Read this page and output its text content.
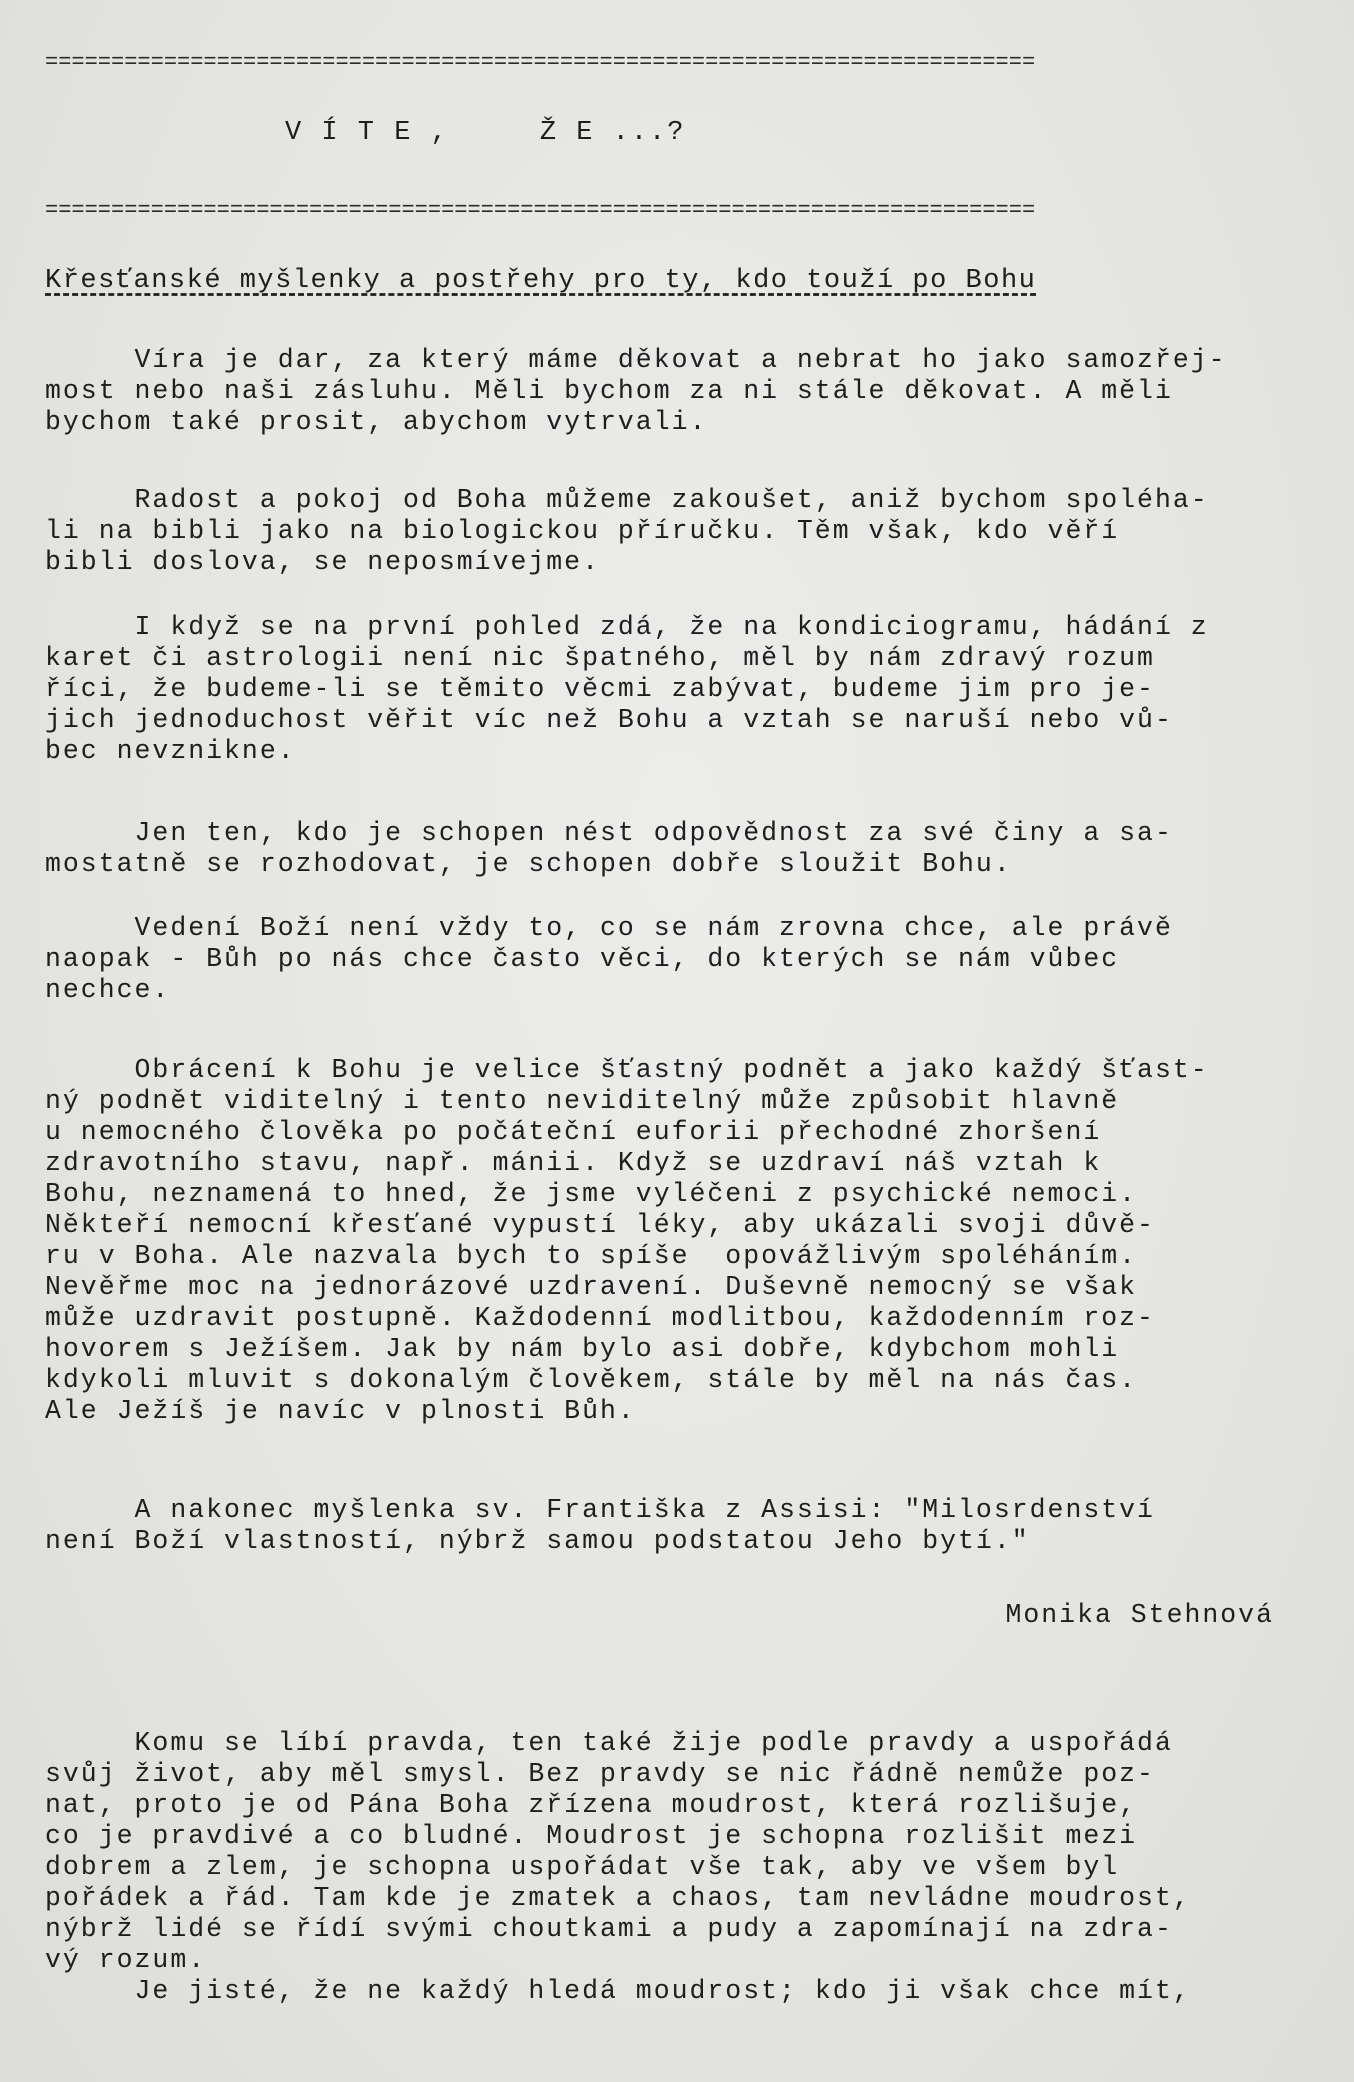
===========================================================================
V Í T E ,     Ž E ...?
===========================================================================
Křesťanské myšlenky a postřehy pro ty, kdo touží po Bohu

Víra je dar, za který máme děkovat a nebrat ho jako samozřej-
most nebo naši zásluhu. Měli bychom za ni stále děkovat. A měli
bychom také prosit, abychom vytrvali.

Radost a pokoj od Boha můžeme zakoušet, aniž bychom spoléha-
li na bibli jako na biologickou příručku. Těm však, kdo věří
bibli doslova, se neposmívejme.

I když se na první pohled zdá, že na kondiciogramu, hádání z
karet či astrologii není nic špatného, měl by nám zdravý rozum
říci, že budeme-li se těmito věcmi zabývat, budeme jim pro je-
jich jednoduchost věřit víc než Bohu a vztah se naruší nebo vů-
bec nevznikne.

Jen ten, kdo je schopen nést odpovědnost za své činy a sa-
mostatně se rozhodovat, je schopen dobře sloužit Bohu.

Vedení Boží není vždy to, co se nám zrovna chce, ale právě
naopak - Bůh po nás chce často věci, do kterých se nám vůbec
nechce.

Obrácení k Bohu je velice šťastný podnět a jako každý šťast-
ný podnět viditelný i tento neviditelný může způsobit hlavně
u nemocného člověka po počáteční euforii přechodné zhoršení
zdravotního stavu, např. mánii. Když se uzdraví náš vztah k
Bohu, neznamená to hned, že jsme vyléčeni z psychické nemoci.
Někteří nemocní křesťané vypustí léky, aby ukázali svoji důvě-
ru v Boha. Ale nazvala bych to spíše  opovážlivým spoléháním.
Nevěřme moc na jednorázové uzdravení. Duševně nemocný se však
může uzdravit postupně. Každodenní modlitbou, každodenním roz-
hovorem s Ježíšem. Jak by nám bylo asi dobře, kdybchom mohli
kdykoli mluvit s dokonalým člověkem, stále by měl na nás čas.
Ale Ježíš je navíc v plnosti Bůh.

A nakonec myšlenka sv. Františka z Assisi: "Milosrdenství
není Boží vlastností, nýbrž samou podstatou Jeho bytí."

Monika Stehnová

Komu se líbí pravda, ten také žije podle pravdy a uspořádá
svůj život, aby měl smysl. Bez pravdy se nic řádně nemůže poz-
nat, proto je od Pána Boha zřízena moudrost, která rozlišuje,
co je pravdivé a co bludné. Moudrost je schopna rozlišit mezi
dobrem a zlem, je schopna uspořádat vše tak, aby ve všem byl
pořádek a řád. Tam kde je zmatek a chaos, tam nevládne moudrost,
nýbrž lidé se řídí svými choutkami a pudy a zapomínají na zdra-
vý rozum.
Je jisté, že ne každý hledá moudrost; kdo ji však chce mít,
